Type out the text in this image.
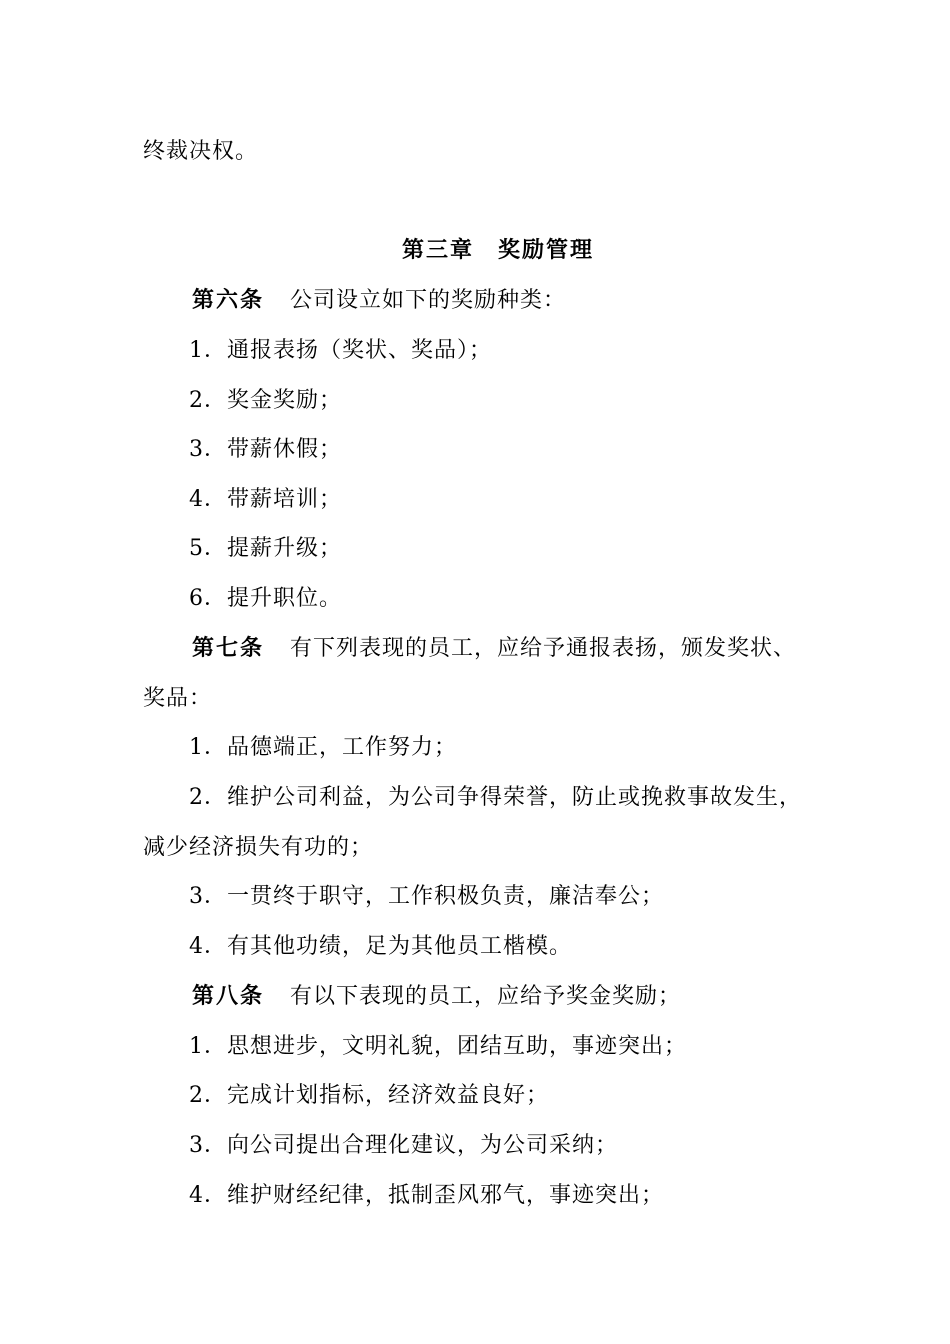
终裁决权。
第三章　奖励管理
第六条 公司设立如下的奖励种类：
1．通报表扬（奖状、奖品）；
2．奖金奖励；
3．带薪休假；
4．带薪培训；
5．提薪升级；
6．提升职位。
第七条 有下列表现的员工，应给予通报表扬，颁发奖状、
奖品：
1．品德端正，工作努力；
2．维护公司利益，为公司争得荣誉，防止或挽救事故发生，
减少经济损失有功的；
3．一贯终于职守，工作积极负责，廉洁奉公；
4．有其他功绩，足为其他员工楷模。
第八条 有以下表现的员工，应给予奖金奖励；
1．思想进步，文明礼貌，团结互助，事迹突出；
2．完成计划指标，经济效益良好；
3．向公司提出合理化建议，为公司采纳；
4．维护财经纪律，抵制歪风邪气，事迹突出；
